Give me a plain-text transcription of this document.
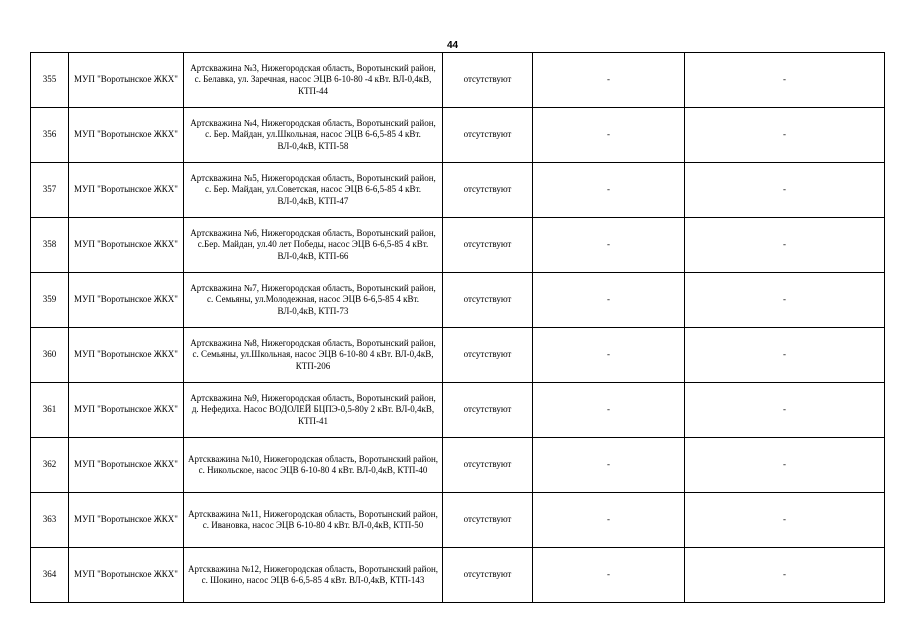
44
355	МУП "Воротынское ЖКХ"	Артскважина №3, Нижегородская область, Воротынский район, с. Белавка, ул. Заречная, насос ЭЦВ 6-10-80 -4 кВт. ВЛ-0,4кВ, КТП-44	отсутствуют	-	-
356	МУП "Воротынское ЖКХ"	Артскважина №4, Нижегородская область, Воротынский район, с. Бер. Майдан, ул.Школьная, насос ЭЦВ 6-6,5-85 4 кВт. ВЛ-0,4кВ, КТП-58	отсутствуют	-	-
357	МУП "Воротынское ЖКХ"	Артскважина №5, Нижегородская область, Воротынский район, с. Бер. Майдан, ул.Советская, насос ЭЦВ 6-6,5-85 4 кВт. ВЛ-0,4кВ, КТП-47	отсутствуют	-	-
358	МУП "Воротынское ЖКХ"	Артскважина №6, Нижегородская область, Воротынский район, с.Бер. Майдан, ул.40 лет Победы, насос ЭЦВ 6-6,5-85 4 кВт. ВЛ-0,4кВ, КТП-66	отсутствуют	-	-
359	МУП "Воротынское ЖКХ"	Артскважина №7, Нижегородская область, Воротынский район, с. Семьяны, ул.Молодежная, насос ЭЦВ 6-6,5-85 4 кВт. ВЛ-0,4кВ, КТП-73	отсутствуют	-	-
360	МУП "Воротынское ЖКХ"	Артскважина №8, Нижегородская область, Воротынский район, с. Семьяны, ул.Школьная, насос ЭЦВ 6-10-80 4 кВт. ВЛ-0,4кВ, КТП-206	отсутствуют	-	-
361	МУП "Воротынское ЖКХ"	Артскважина №9, Нижегородская область, Воротынский район, д. Нефедиха. Насос ВОДОЛЕЙ БЦПЭ-0,5-80у 2 кВт. ВЛ-0,4кВ, КТП-41	отсутствуют	-	-
362	МУП "Воротынское ЖКХ"	Артскважина №10, Нижегородская область, Воротынский район, с. Никольское, насос ЭЦВ 6-10-80 4 кВт. ВЛ-0,4кВ, КТП-40	отсутствуют	-	-
363	МУП "Воротынское ЖКХ"	Артскважина №11, Нижегородская область, Воротынский район, с. Ивановка, насос ЭЦВ 6-10-80 4 кВт. ВЛ-0,4кВ, КТП-50	отсутствуют	-	-
364	МУП "Воротынское ЖКХ"	Артскважина №12, Нижегородская область, Воротынский район, с. Шокино, насос ЭЦВ 6-6,5-85 4 кВт. ВЛ-0,4кВ, КТП-143	отсутствуют	-	-
